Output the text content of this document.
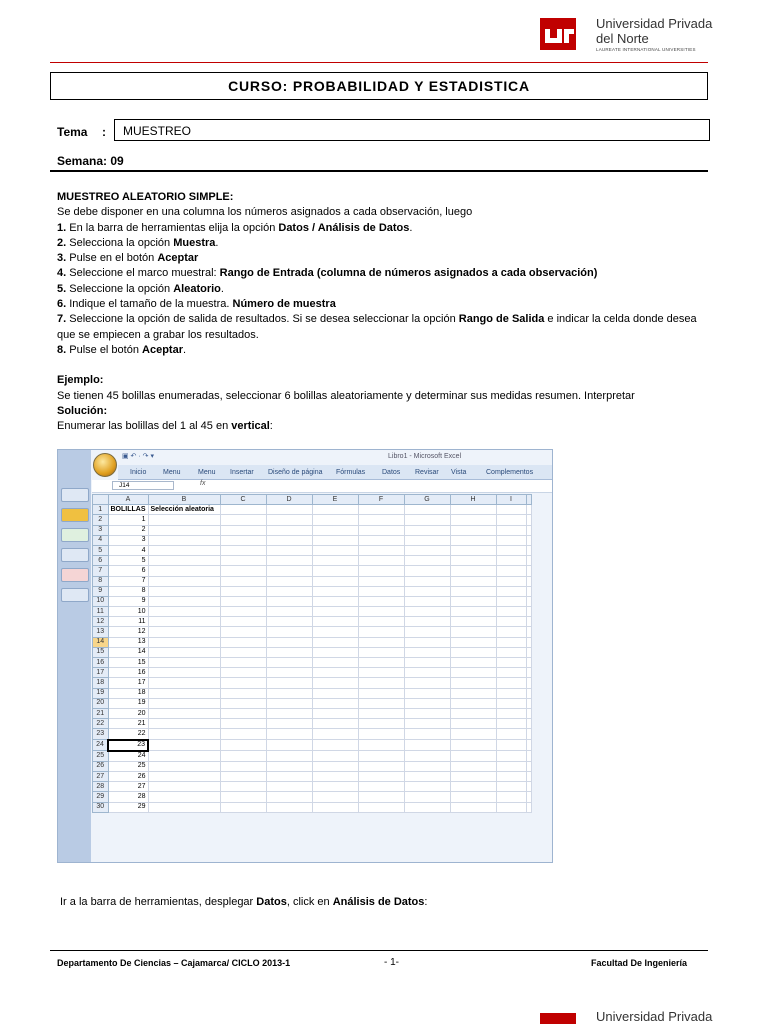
Universidad Privada
del Norte
LAUREATE INTERNATIONAL UNIVERSITIES
CURSO: PROBABILIDAD Y ESTADISTICA
Tema :	MUESTREO
Semana: 09

MUESTREO ALEATORIO SIMPLE:

Se debe disponer en una columna los números asignados a cada observación, luego

1. En la barra de herramientas elija la opción Datos / Análisis de Datos.

2. Selecciona la opción Muestra.

3. Pulse en el botón Aceptar

4. Seleccione el marco muestral: Rango de Entrada (columna de números asignados a cada observación)

5. Seleccione la opción Aleatorio.

6. Indique el tamaño de la muestra. Número de muestra

7. Seleccione la opción de salida de resultados. Si se desea seleccionar la opción Rango de Salida e indicar la celda donde desea que se empiecen a grabar los resultados.

8. Pulse el botón Aceptar.

Ejemplo:

Se tienen 45 bolillas enumeradas, seleccionar 6 bolillas aleatoriamente y determinar sus medidas resumen. Interpretar

Solución:

Enumerar las bolillas del 1 al 45 en vertical:

▣ ↶ · ↷ ▾	Libro1 - Microsoft Excel
Inicio Menu Menu Insertar Diseño de página Fórmulas Datos Revisar Vista	Complementos
J14	fx
	A	B	C	D	E	F	G	H	I	
1	BOLILLAS	Selección aleatoria								
2	1									
3	2									
4	3									
5	4									
6	5									
7	6									
8	7									
9	8									
10	9									
11	10									
12	11									
13	12									
14	13									
15	14									
16	15									
17	16									
18	17									
19	18									
20	19									
21	20									
22	21									
23	22									
24	23									
25	24									
26	25									
27	26									
28	27									
29	28									
30	29									
Ir a la barra de herramientas, desplegar Datos, click en Análisis de Datos:
Departamento De Ciencias – Cajamarca/ CICLO 2013-1	- 1-	Facultad De Ingeniería
Universidad Privada
